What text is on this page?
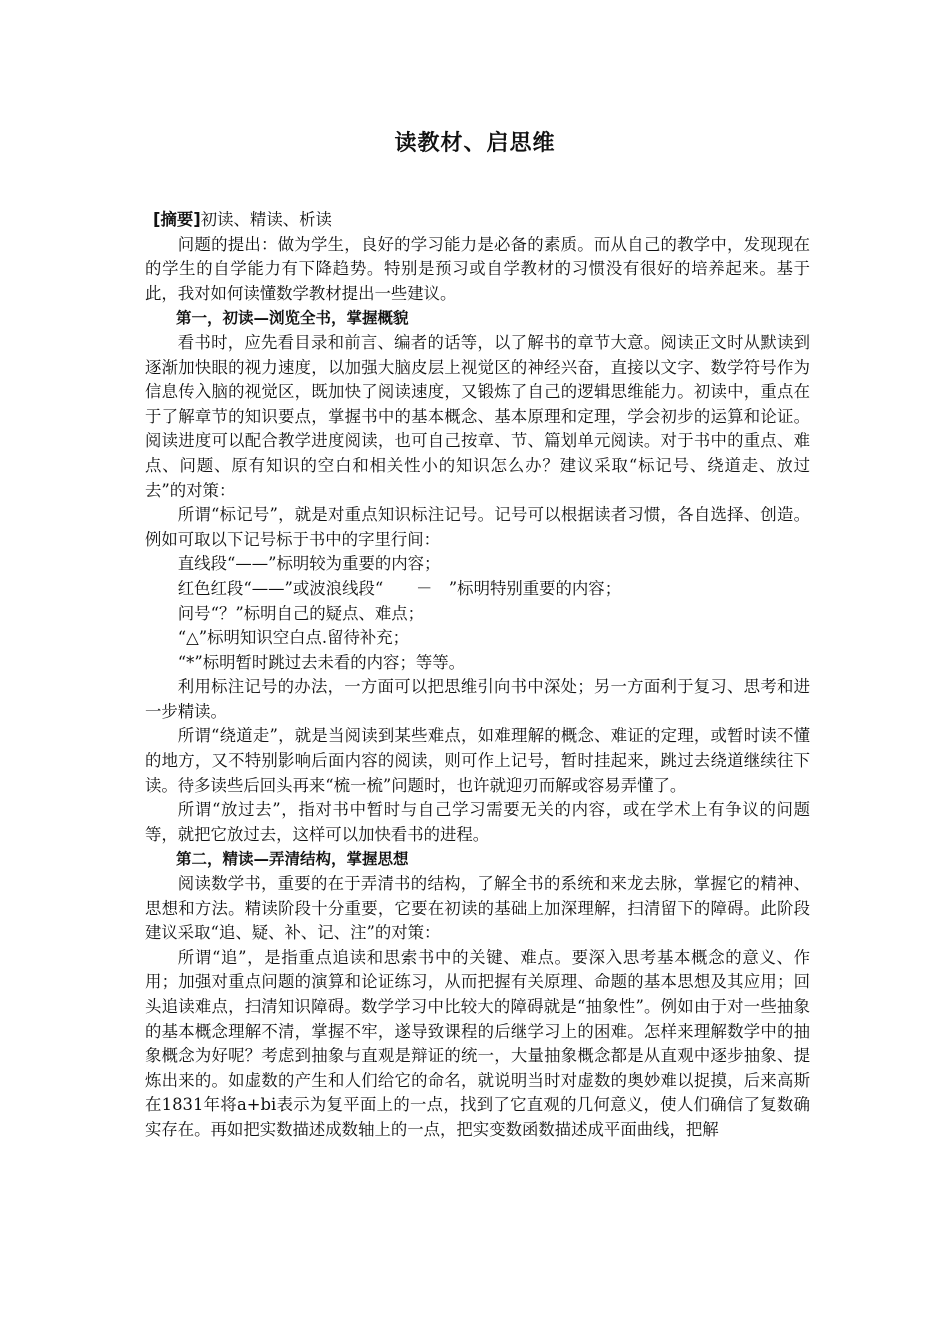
读教材、启思维

[摘要]初读、精读、析读

问题的提出：做为学生，良好的学习能力是必备的素质。而从自己的教学中，发现现在的学生的自学能力有下降趋势。特别是预习或自学教材的习惯没有很好的培养起来。基于此，我对如何读懂数学教材提出一些建议。

第一，初读—浏览全书，掌握概貌

看书时，应先看目录和前言、编者的话等，以了解书的章节大意。阅读正文时从默读到逐渐加快眼的视力速度，以加强大脑皮层上视觉区的神经兴奋，直接以文字、数学符号作为信息传入脑的视觉区，既加快了阅读速度，又锻炼了自己的逻辑思维能力。初读中，重点在于了解章节的知识要点，掌握书中的基本概念、基本原理和定理，学会初步的运算和论证。阅读进度可以配合教学进度阅读，也可自己按章、节、篇划单元阅读。对于书中的重点、难点、问题、原有知识的空白和相关性小的知识怎么办？建议采取“标记号、绕道走、放过去”的对策：

所谓“标记号”，就是对重点知识标注记号。记号可以根据读者习惯，各自选择、创造。例如可取以下记号标于书中的字里行间：

直线段“——”标明较为重要的内容；

红色红段“——”或波浪线段“　　－　”标明特别重要的内容；

问号“？”标明自己的疑点、难点；

“△”标明知识空白点.留待补充；

“*”标明暂时跳过去未看的内容；等等。

利用标注记号的办法，一方面可以把思维引向书中深处；另一方面利于复习、思考和进一步精读。

所谓“绕道走”，就是当阅读到某些难点，如难理解的概念、难证的定理，或暂时读不懂的地方，又不特别影响后面内容的阅读，则可作上记号，暂时挂起来，跳过去绕道继续往下读。待多读些后回头再来“梳一梳”问题时，也许就迎刃而解或容易弄懂了。

所谓“放过去”，指对书中暂时与自己学习需要无关的内容，或在学术上有争议的问题等，就把它放过去，这样可以加快看书的进程。

第二，精读—弄清结构，掌握思想

阅读数学书，重要的在于弄清书的结构，了解全书的系统和来龙去脉，掌握它的精神、思想和方法。精读阶段十分重要，它要在初读的基础上加深理解，扫清留下的障碍。此阶段建议采取“追、疑、补、记、注”的对策：

所谓“追”，是指重点追读和思索书中的关键、难点。要深入思考基本概念的意义、作用；加强对重点问题的演算和论证练习，从而把握有关原理、命题的基本思想及其应用；回头追读难点，扫清知识障碍。数学学习中比较大的障碍就是“抽象性”。例如由于对一些抽象的基本概念理解不清，掌握不牢，遂导致课程的后继学习上的困难。怎样来理解数学中的抽象概念为好呢？考虑到抽象与直观是辩证的统一，大量抽象概念都是从直观中逐步抽象、提炼出来的。如虚数的产生和人们给它的命名，就说明当时对虚数的奥妙难以捉摸，后来高斯在1831年将a+bi表示为复平面上的一点，找到了它直观的几何意义，使人们确信了复数确实存在。再如把实数描述成数轴上的一点，把实变数函数描述成平面曲线，把解
